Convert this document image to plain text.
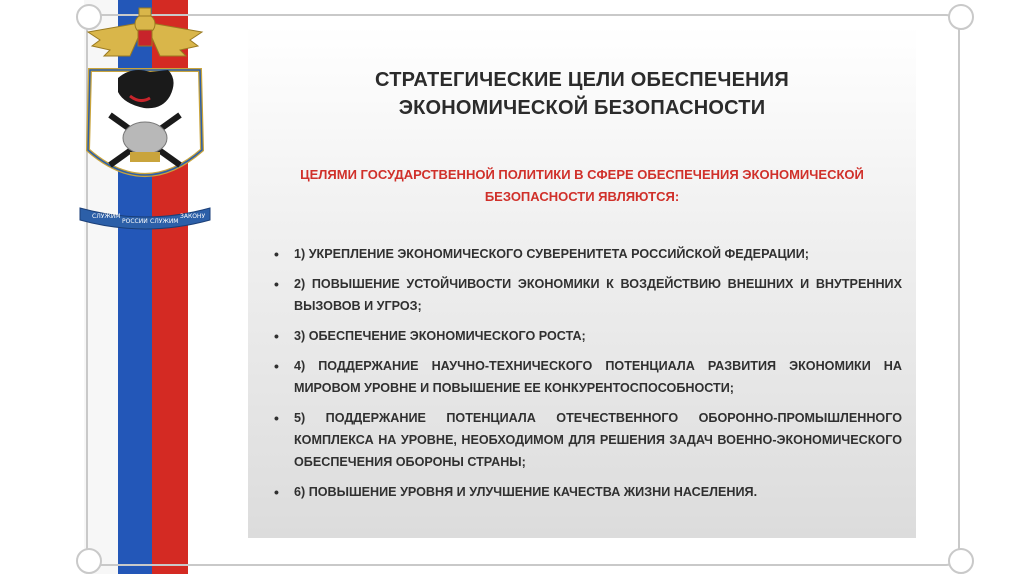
СЛУЖИМ
РОССИИ СЛУЖИМ
ЗАКОНУ
СТРАТЕГИЧЕСКИЕ ЦЕЛИ ОБЕСПЕЧЕНИЯ
ЭКОНОМИЧЕСКОЙ БЕЗОПАСНОСТИ
ЦЕЛЯМИ ГОСУДАРСТВЕННОЙ ПОЛИТИКИ В СФЕРЕ ОБЕСПЕЧЕНИЯ ЭКОНОМИЧЕСКОЙ
БЕЗОПАСНОСТИ ЯВЛЯЮТСЯ:
• 1) УКРЕПЛЕНИЕ ЭКОНОМИЧЕСКОГО СУВЕРЕНИТЕТА РОССИЙСКОЙ ФЕДЕРАЦИИ;
• 2) ПОВЫШЕНИЕ УСТОЙЧИВОСТИ ЭКОНОМИКИ К ВОЗДЕЙСТВИЮ ВНЕШНИХ И ВНУТРЕННИХ ВЫЗОВОВ И УГРОЗ;
• 3) ОБЕСПЕЧЕНИЕ ЭКОНОМИЧЕСКОГО РОСТА;
• 4) ПОДДЕРЖАНИЕ НАУЧНО-ТЕХНИЧЕСКОГО ПОТЕНЦИАЛА РАЗВИТИЯ ЭКОНОМИКИ НА МИРОВОМ УРОВНЕ И ПОВЫШЕНИЕ ЕЕ КОНКУРЕНТОСПОСОБНОСТИ;
• 5) ПОДДЕРЖАНИЕ ПОТЕНЦИАЛА ОТЕЧЕСТВЕННОГО ОБОРОННО-ПРОМЫШЛЕННОГО КОМПЛЕКСА НА УРОВНЕ, НЕОБХОДИМОМ ДЛЯ РЕШЕНИЯ ЗАДАЧ ВОЕННО-ЭКОНОМИЧЕСКОГО ОБЕСПЕЧЕНИЯ ОБОРОНЫ СТРАНЫ;
• 6) ПОВЫШЕНИЕ УРОВНЯ И УЛУЧШЕНИЕ КАЧЕСТВА ЖИЗНИ НАСЕЛЕНИЯ.
